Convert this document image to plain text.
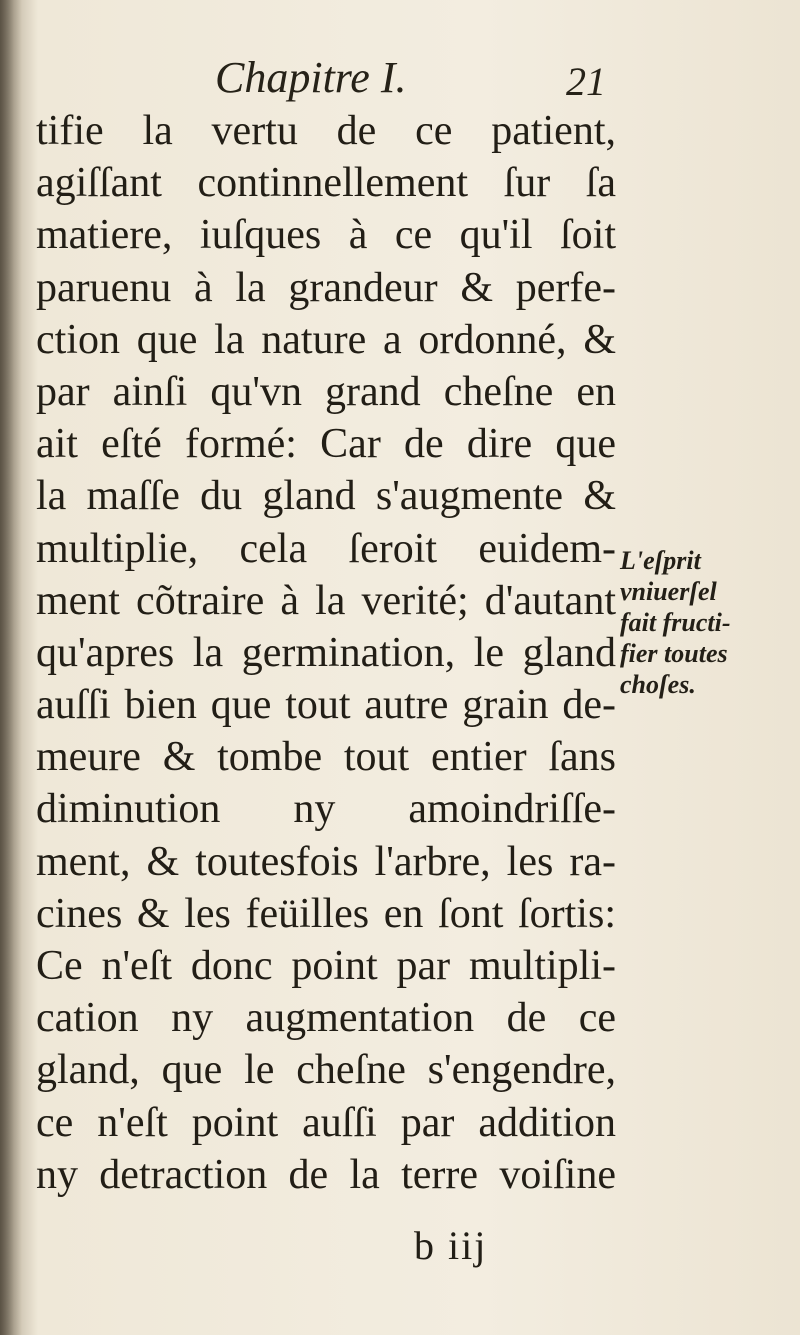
Chapitre I.	21
tifie la vertu de ce patient,
agiſſant continnellement ſur ſa
matiere, iuſques à ce qu'il ſoit
paruenu à la grandeur & perfe-
ction que la nature a ordonné, &
par ainſi qu'vn grand cheſne en
ait eſté formé: Car de dire que
la maſſe du gland s'augmente &
multiplie, cela ſeroit euidem-
ment cõtraire à la verité; d'autant
qu'apres la germination, le gland
auſſi bien que tout autre grain de-
meure & tombe tout entier ſans
diminution ny amoindriſſe-
ment, & toutesfois l'arbre, les ra-
cines & les feüilles en ſont ſortis:
Ce n'eſt donc point par multipli-
cation ny augmentation de ce
gland, que le cheſne s'engendre,
ce n'eſt point auſſi par addition
ny detraction de la terre voiſine
L'eſprit
vniuerſel
fait fructi-
fier toutes
choſes.
b iij
